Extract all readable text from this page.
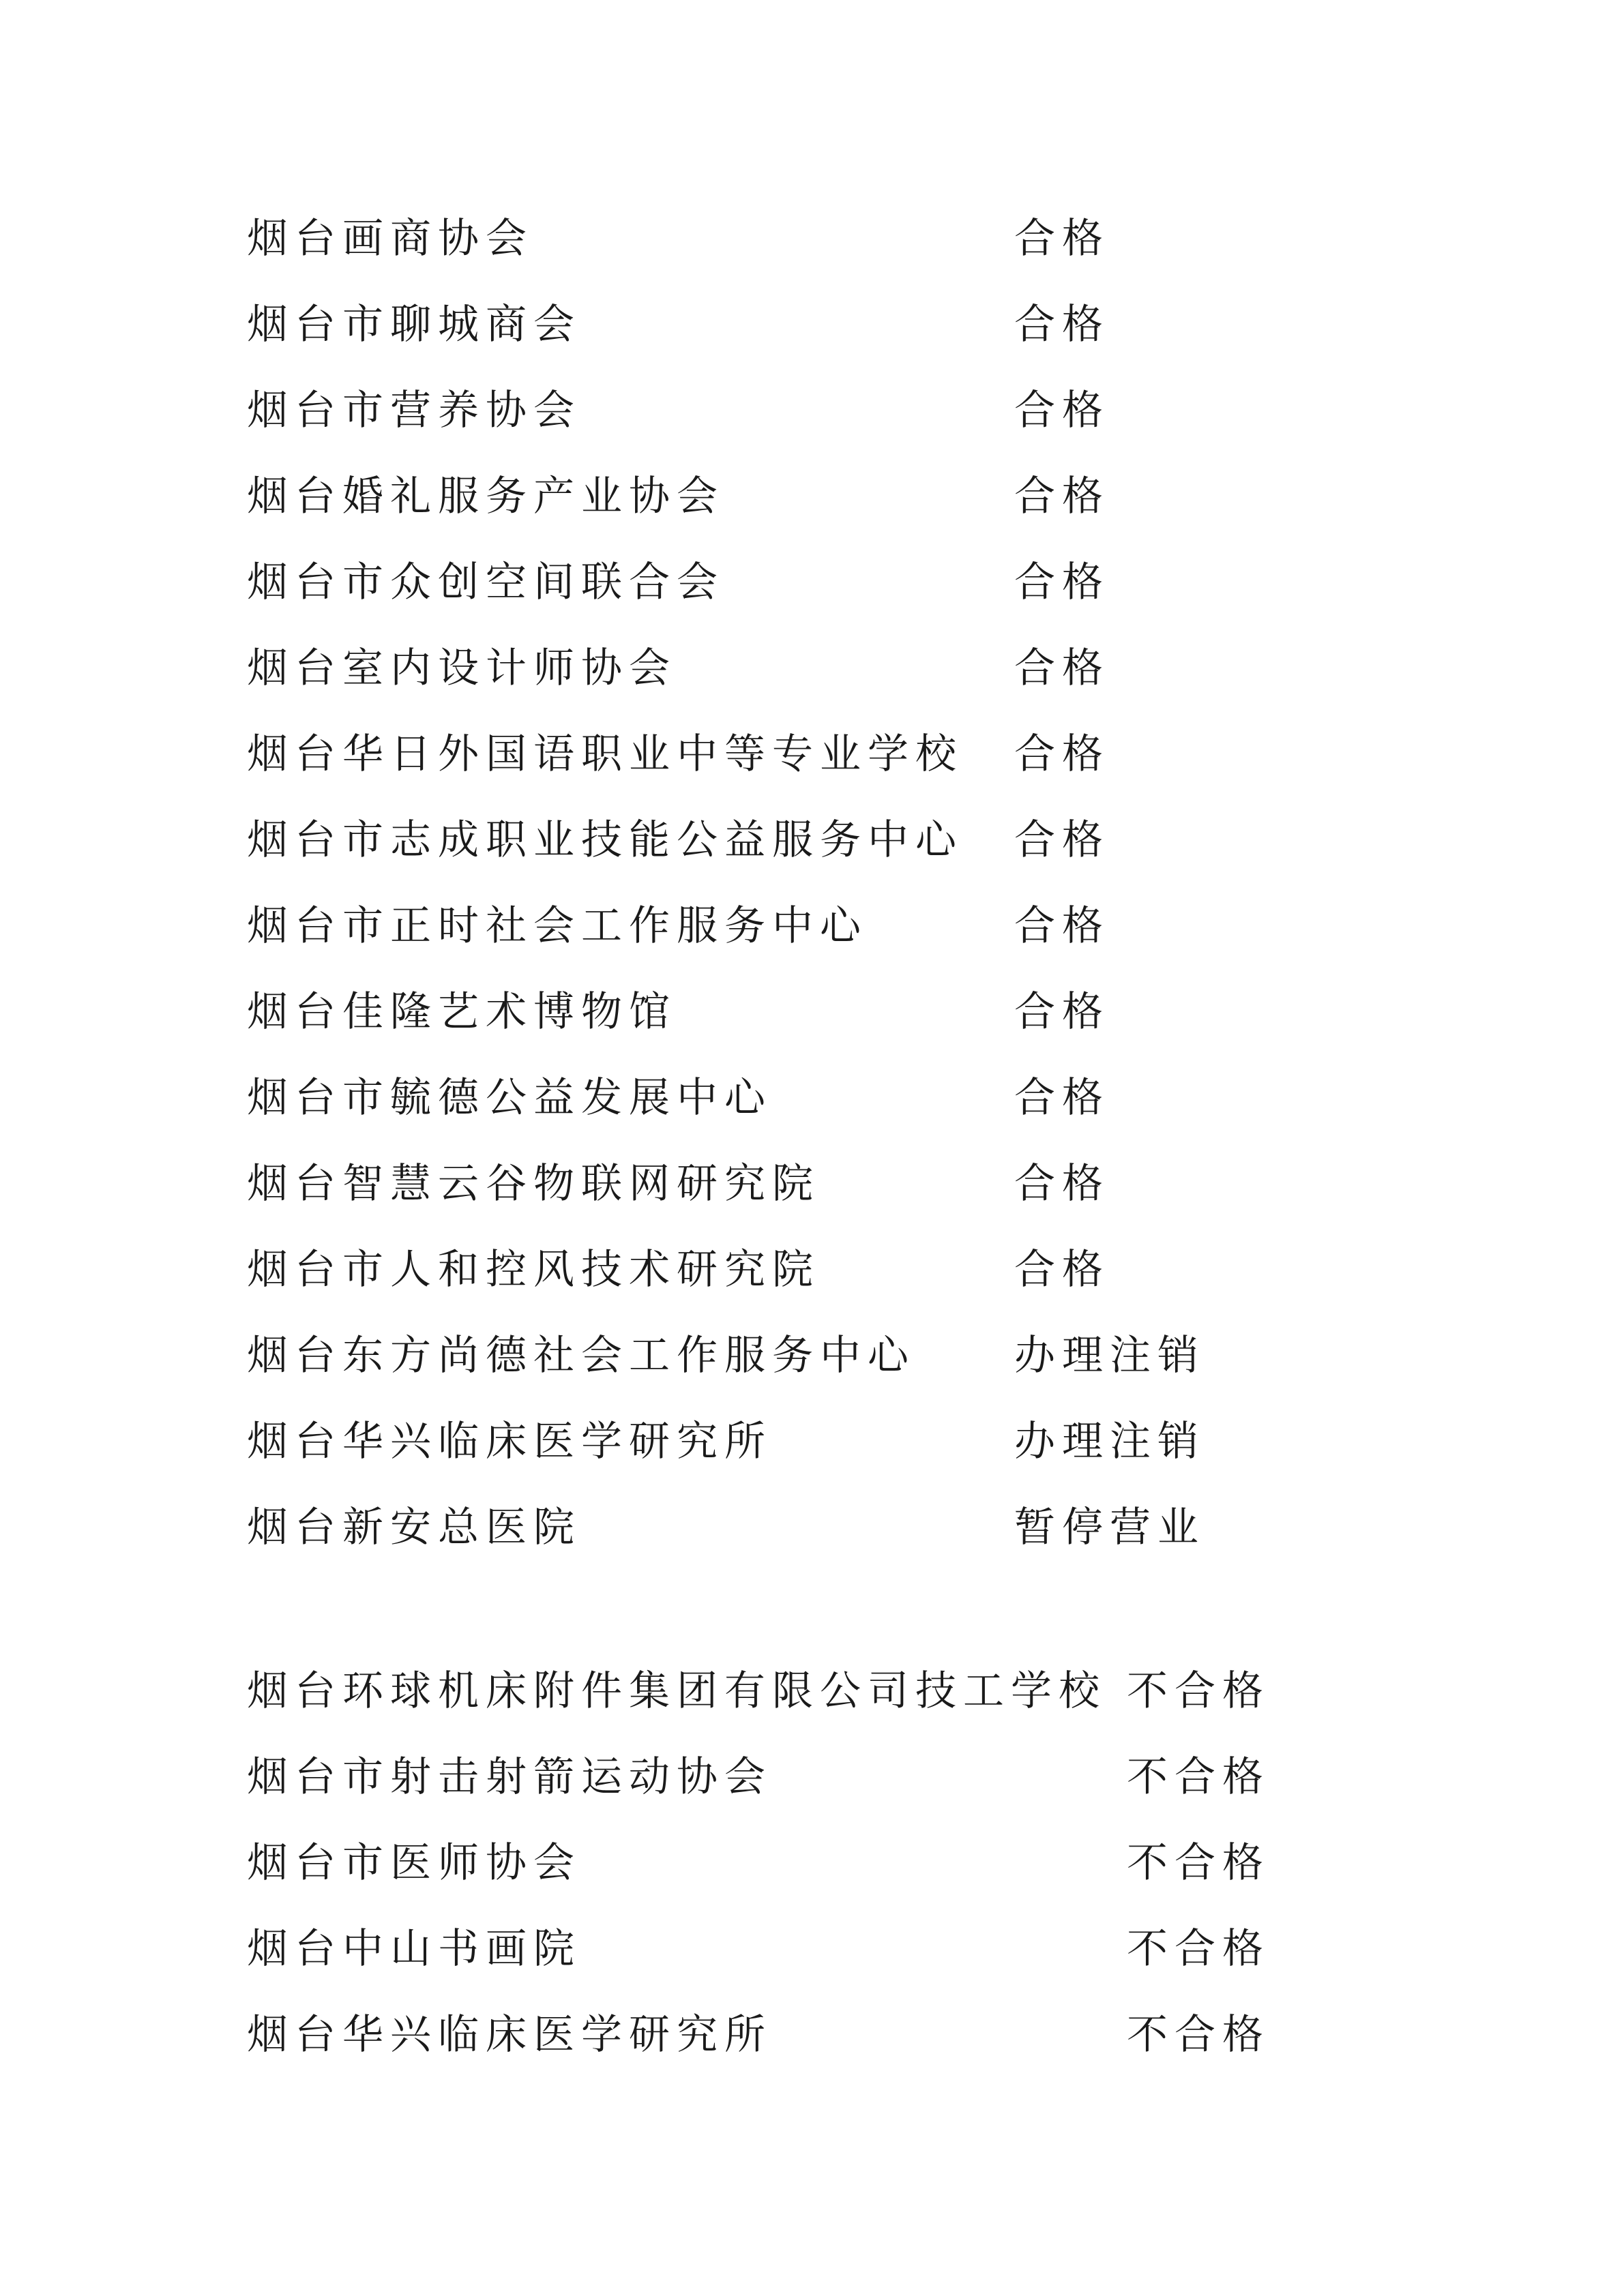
烟台画商协会	合格
烟台市聊城商会	合格
烟台市营养协会	合格
烟台婚礼服务产业协会	合格
烟台市众创空间联合会	合格
烟台室内设计师协会	合格
烟台华日外国语职业中等专业学校 合格
烟台市志成职业技能公益服务中心 合格
烟台市正时社会工作服务中心	合格
烟台佳隆艺术博物馆	合格
烟台市毓德公益发展中心	合格
烟台智慧云谷物联网研究院	合格
烟台市人和控风技术研究院	合格
烟台东方尚德社会工作服务中心 办理注销
烟台华兴临床医学研究所	办理注销
烟台新安总医院	暂停营业
烟台环球机床附件集团有限公司技工学校 不合格
烟台市射击射箭运动协会	不合格
烟台市医师协会	不合格
烟台中山书画院	不合格
烟台华兴临床医学研究所	不合格
